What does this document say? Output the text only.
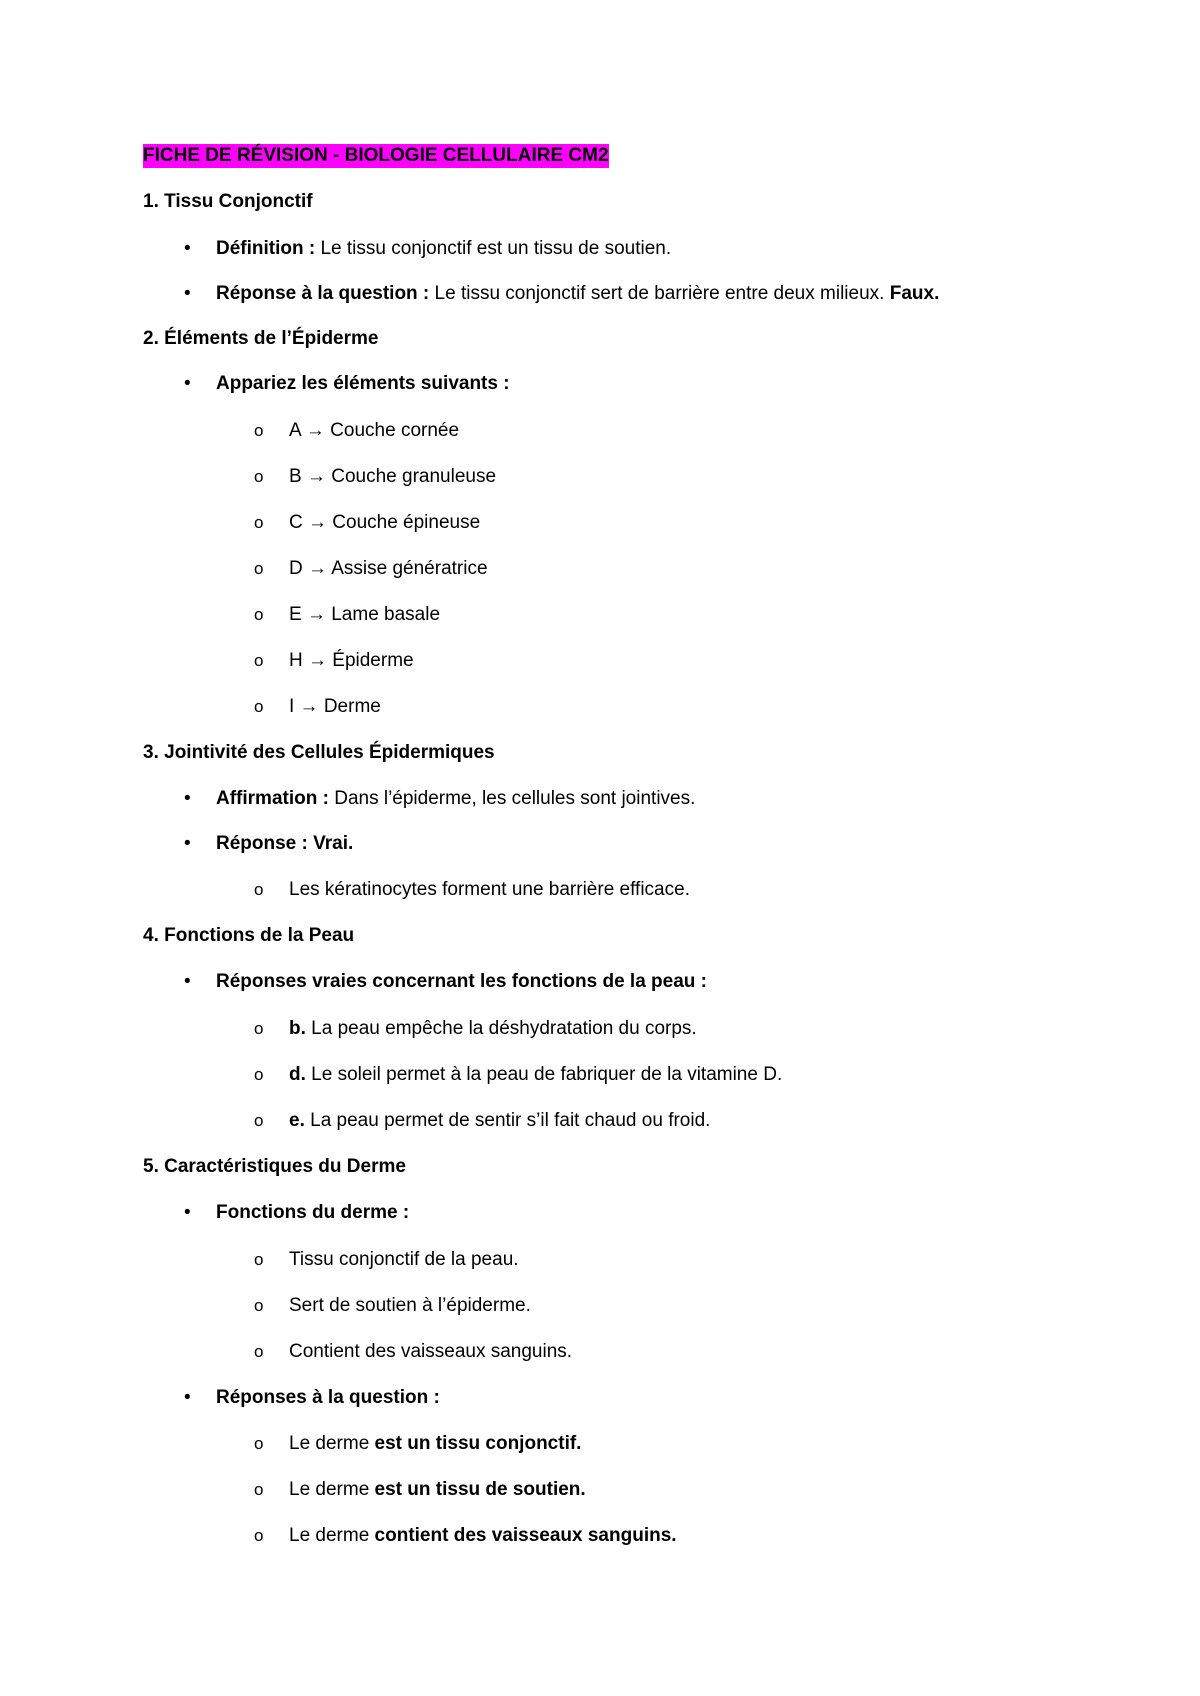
FICHE DE RÉVISION - BIOLOGIE CELLULAIRE CM2
1. Tissu Conjonctif
• Définition : Le tissu conjonctif est un tissu de soutien.
• Réponse à la question : Le tissu conjonctif sert de barrière entre deux milieux. Faux.
2. Éléments de l’Épiderme
• Appariez les éléments suivants :
o A → Couche cornée
o B → Couche granuleuse
o C → Couche épineuse
o D → Assise génératrice
o E → Lame basale
o H → Épiderme
o I → Derme
3. Jointivité des Cellules Épidermiques
• Affirmation : Dans l’épiderme, les cellules sont jointives.
• Réponse : Vrai.
o Les kératinocytes forment une barrière efficace.
4. Fonctions de la Peau
• Réponses vraies concernant les fonctions de la peau :
o b. La peau empêche la déshydratation du corps.
o d. Le soleil permet à la peau de fabriquer de la vitamine D.
o e. La peau permet de sentir s’il fait chaud ou froid.
5. Caractéristiques du Derme
• Fonctions du derme :
o Tissu conjonctif de la peau.
o Sert de soutien à l’épiderme.
o Contient des vaisseaux sanguins.
• Réponses à la question :
o Le derme est un tissu conjonctif.
o Le derme est un tissu de soutien.
o Le derme contient des vaisseaux sanguins.
